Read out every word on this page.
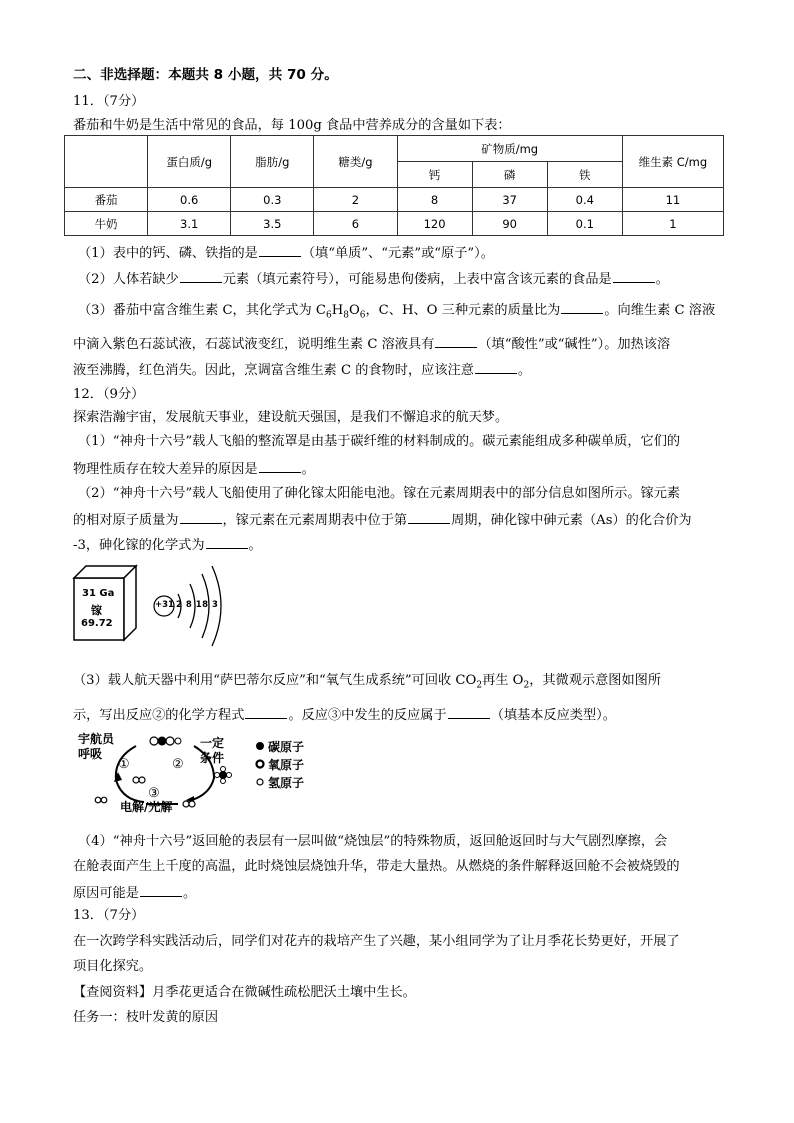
二、非选择题：本题共 8 小题，共 70 分。
11．（7分）
番茄和牛奶是生活中常见的食品，每 100g 食品中营养成分的含量如下表：
	蛋白质/g	脂肪/g	糖类/g	矿物质/mg			维生素 C/mg
				钙	磷	铁	
番茄	0.6	0.3	2	8	37	0.4	11
牛奶	3.1	3.5	6	120	90	0.1	1
（1）表中的钙、磷、铁指的是	（填“单质”、“元素”或“原子”）。
（2）人体若缺少	元素（填元素符号），可能易患佝偻病，上表中富含该元素的食品是	。
（3）番茄中富含维生素 C，其化学式为 $C_6H_8O_6$，C、H、O 三种元素的质量比为	。向维生素 C 溶液
中滴入紫色石蕊试液，石蕊试液变红，说明维生素 C 溶液具有	（填“酸性”或“碱性”）。加热该溶
液至沸腾，红色消失。因此，烹调富含维生素 C 的食物时，应该注意	。
12．（9分）
探索浩瀚宇宙，发展航天事业，建设航天强国，是我们不懈追求的航天梦。
（1）“神舟十六号”载人飞船的整流罩是由基于碳纤维的材料制成的。碳元素能组成多种碳单质，它们的
物理性质存在较大差异的原因是	。
（2）“神舟十六号”载人飞船使用了砷化镓太阳能电池。镓在元素周期表中的部分信息如图所示。镓元素
的相对原子质量为	，镓元素在元素周期表中位于第	周期，砷化镓中砷元素（As）的化合价为
-3，砷化镓的化学式为	。
31 Ga
镓
69.72
+31 2 8 18 3
（3）载人航天器中利用“萨巴蒂尔反应”和“氧气生成系统”可回收 $CO_2$再生 $O_2$，其微观示意图如图所
示，写出反应②的化学方程式	。反应③中发生的反应属于	（填基本反应类型）。
宇航员
呼吸
一定
条件
①	②
③
电解/光解
碳原子
氧原子
氢原子
（4）“神舟十六号”返回舱的表层有一层叫做“烧蚀层”的特殊物质，返回舱返回时与大气剧烈摩擦，会
在舱表面产生上千度的高温，此时烧蚀层烧蚀升华，带走大量热。从燃烧的条件解释返回舱不会被烧毁的
原因可能是	。
13．（7分）
在一次跨学科实践活动后，同学们对花卉的栽培产生了兴趣，某小组同学为了让月季花长势更好，开展了
项目化探究。
【查阅资料】月季花更适合在微碱性疏松肥沃土壤中生长。
任务一：枝叶发黄的原因
